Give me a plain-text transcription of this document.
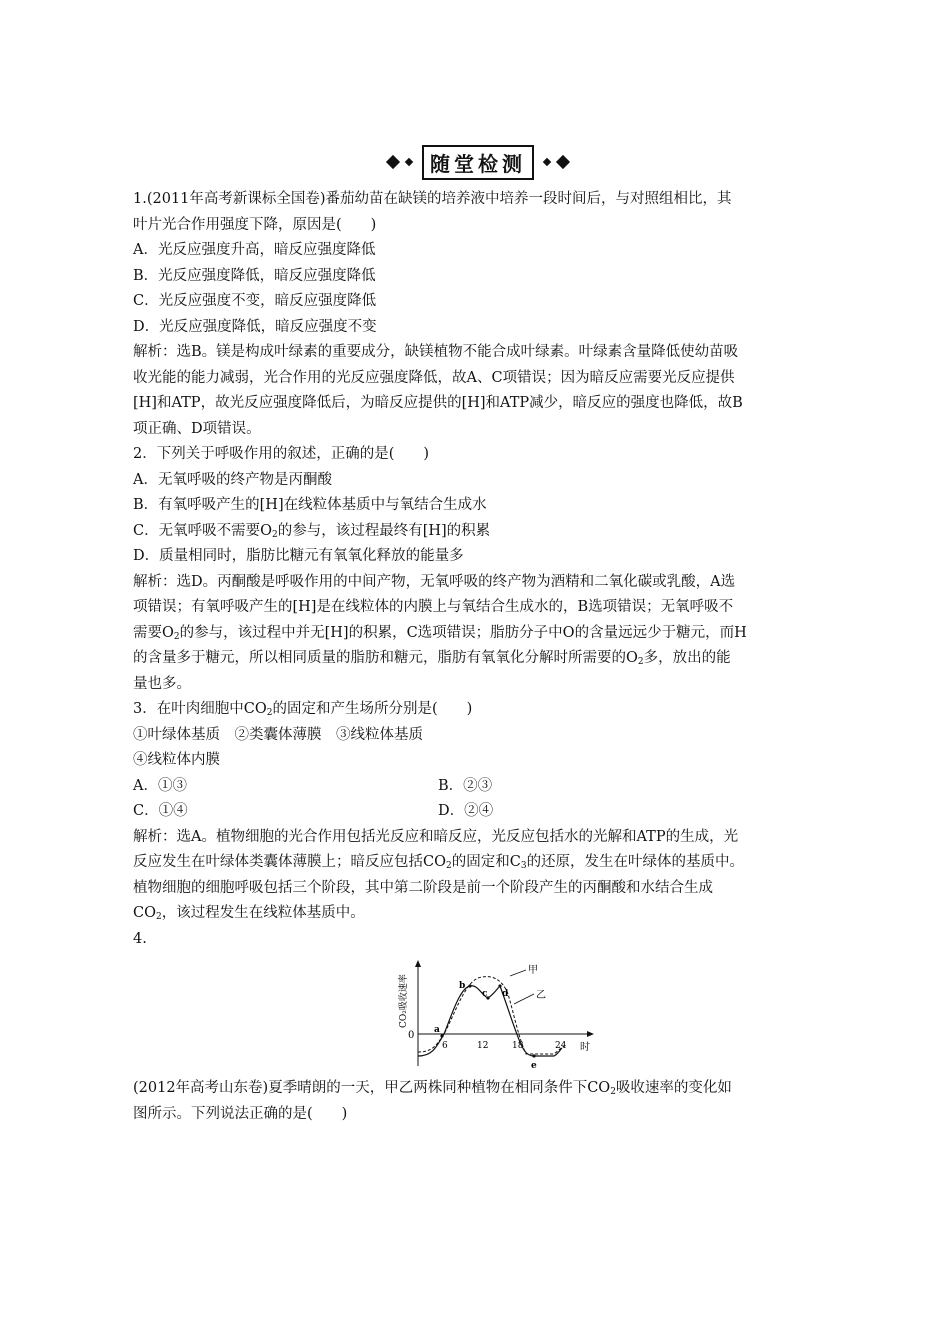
随堂检测
1.(2011年高考新课标全国卷)番茄幼苗在缺镁的培养液中培养一段时间后，与对照组相比，其
叶片光合作用强度下降，原因是(　　)
A．光反应强度升高，暗反应强度降低
B．光反应强度降低，暗反应强度降低
C．光反应强度不变，暗反应强度降低
D．光反应强度降低，暗反应强度不变
解析：选B。镁是构成叶绿素的重要成分，缺镁植物不能合成叶绿素。叶绿素含量降低使幼苗吸
收光能的能力减弱，光合作用的光反应强度降低，故A、C项错误；因为暗反应需要光反应提供
[H]和ATP，故光反应强度降低后，为暗反应提供的[H]和ATP减少，暗反应的强度也降低，故B
项正确、D项错误。
2．下列关于呼吸作用的叙述，正确的是(　　)
A．无氧呼吸的终产物是丙酮酸
B．有氧呼吸产生的[H]在线粒体基质中与氧结合生成水
C．无氧呼吸不需要$O_2$的参与，该过程最终有[H]的积累
D．质量相同时，脂肪比糖元有氧氧化释放的能量多
解析：选D。丙酮酸是呼吸作用的中间产物，无氧呼吸的终产物为酒精和二氧化碳或乳酸，A选
项错误；有氧呼吸产生的[H]是在线粒体的内膜上与氧结合生成水的，B选项错误；无氧呼吸不
需要$O_2$的参与，该过程中并无[H]的积累，C选项错误；脂肪分子中O的含量远远少于糖元，而H
的含量多于糖元，所以相同质量的脂肪和糖元，脂肪有氧氧化分解时所需要的$O_2$多，放出的能
量也多。
3．在叶肉细胞中$CO_2$的固定和产生场所分别是(　　)
①叶绿体基质　②类囊体薄膜　③线粒体基质
④线粒体内膜
A．①③	B．②③
C．①④	D．②④
解析：选A。植物细胞的光合作用包括光反应和暗反应，光反应包括水的光解和ATP的生成，光
反应发生在叶绿体类囊体薄膜上；暗反应包括$CO_2$的固定和$C_3$的还原，发生在叶绿体的基质中。
植物细胞的细胞呼吸包括三个阶段，其中第二阶段是前一个阶段产生的丙酮酸和水结合生成
$CO_2$，该过程发生在线粒体基质中。
4.
CO₂吸收速率
0
6	12	18	24 时
a
b
c d
e
甲
乙
(2012年高考山东卷)夏季晴朗的一天，甲乙两株同种植物在相同条件下$CO_2$吸收速率的变化如
图所示。下列说法正确的是(　　)
